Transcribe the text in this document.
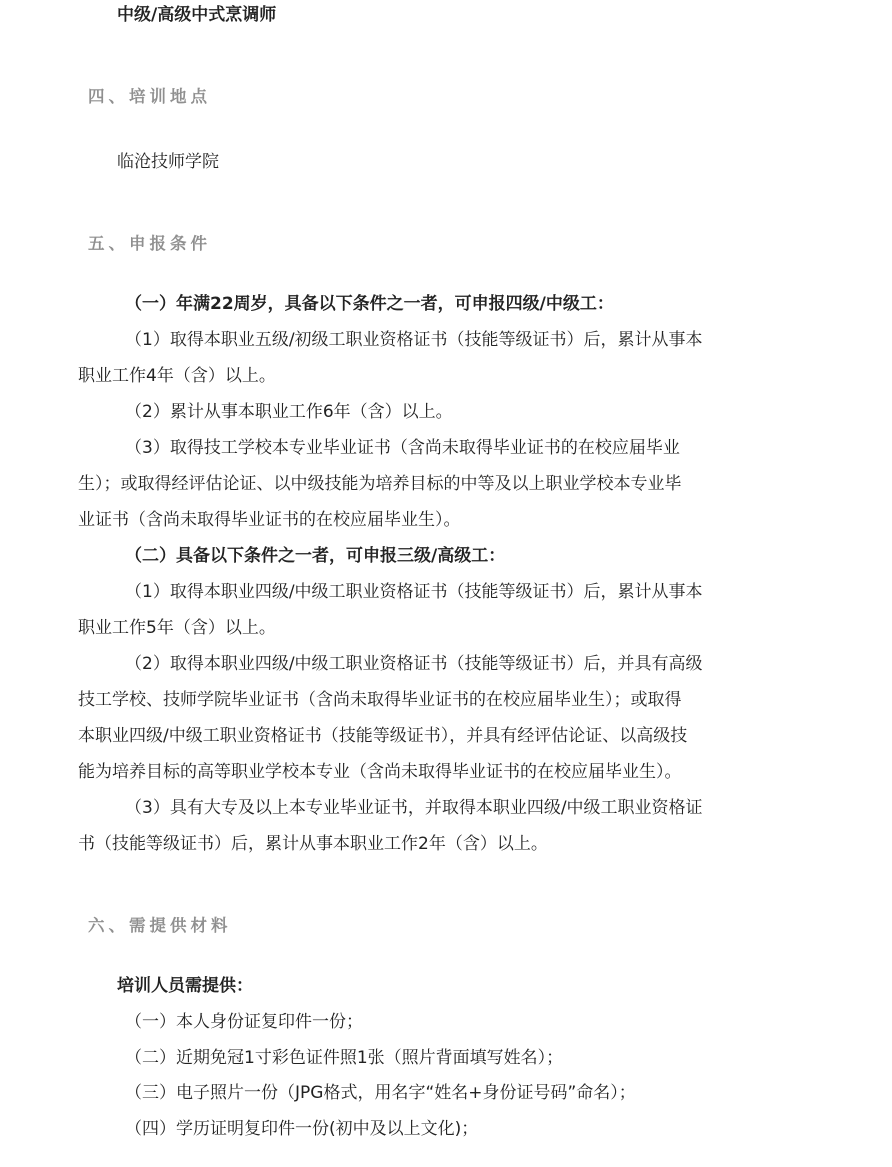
中级/高级中式烹调师
四、培训地点
临沧技师学院
五、申报条件
（一）年满22周岁，具备以下条件之一者，可申报四级/中级工：
（1）取得本职业五级/初级工职业资格证书（技能等级证书）后，累计从事本
职业工作4年（含）以上。
（2）累计从事本职业工作6年（含）以上。
（3）取得技工学校本专业毕业证书（含尚未取得毕业证书的在校应届毕业
生）；或取得经评估论证、以中级技能为培养目标的中等及以上职业学校本专业毕
业证书（含尚未取得毕业证书的在校应届毕业生）。
（二）具备以下条件之一者，可申报三级/高级工：
（1）取得本职业四级/中级工职业资格证书（技能等级证书）后，累计从事本
职业工作5年（含）以上。
（2）取得本职业四级/中级工职业资格证书（技能等级证书）后，并具有高级
技工学校、技师学院毕业证书（含尚未取得毕业证书的在校应届毕业生）；或取得
本职业四级/中级工职业资格证书（技能等级证书），并具有经评估论证、以高级技
能为培养目标的高等职业学校本专业（含尚未取得毕业证书的在校应届毕业生）。
（3）具有大专及以上本专业毕业证书，并取得本职业四级/中级工职业资格证
书（技能等级证书）后，累计从事本职业工作2年（含）以上。
六、需提供材料
培训人员需提供：
（一）本人身份证复印件一份；
（二）近期免冠1寸彩色证件照1张（照片背面填写姓名）；
（三）电子照片一份（JPG格式，用名字“姓名+身份证号码”命名）；
（四）学历证明复印件一份(初中及以上文化)；
